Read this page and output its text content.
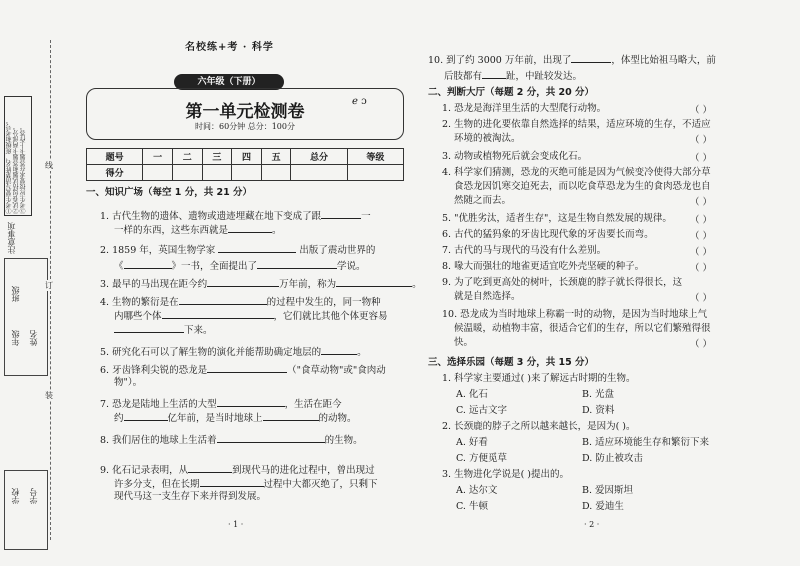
①考生要写清楚姓名、班级和考号。 ②试卷包括试题和答题卡两部分。 ③考生应按要求在答题卡上作答。
注意事项
年级
班级
姓名
学校 学号
线
订
装
名校练+考 · 科学
六年级（下册）
第一单元检测卷
时间：60分钟 总分：100分
ℯ ɔ
题号	一	二	三	四	五	总分	等级
得分							
一、知识广场（每空 1 分，共 21 分）
1. 古代生物的遗体、遗物或遗迹埋藏在地下变成了跟	一
一样的东西，这些东西就是	。
2. 1859 年，英国生物学家	出版了震动世界的
《	》一书，全面提出了	学说。
3. 最早的马出现在距今约	万年前，称为	。
4. 生物的繁衍是在	的过程中发生的，同一物种
内哪些个体	，它们就比其他个体更容易
下来。
5. 研究化石可以了解生物的演化并能帮助确定地层的	。
6. 牙齿锋利尖锐的恐龙是	（"食草动物"或"食肉动
物"）。
7. 恐龙是陆地上生活的大型	，生活在距今
约	亿年前，是当时地球上	的动物。
8. 我们居住的地球上生活着	的生物。
9. 化石记录表明，从	到现代马的进化过程中，曾出现过
许多分支，但在长期	过程中大都灭绝了，只剩下
现代马这一支生存下来并得到发展。
· 1 ·
10. 到了约 3000 万年前，出现了	，体型比始祖马略大，前
后肢都有	趾，中趾较发达。
二、判断大厅（每题 2 分，共 20 分）
1. 恐龙是海洋里生活的大型爬行动物。	（ ）
2. 生物的进化要依靠自然选择的结果，适应环境的生存，不适应
环境的被淘汰。	（ ）
3. 动物或植物死后就会变成化石。	（ ）
4. 科学家们猜测，恐龙的灭绝可能是因为气候变冷使得大部分草
食恐龙因饥寒交迫死去，而以吃食草恐龙为生的食肉恐龙也自
然随之而去。	（ ）
5. "优胜劣汰，适者生存"，这是生物自然发展的规律。 （ ）
6. 古代的猛犸象的牙齿比现代象的牙齿要长而弯。	（ ）
7. 古代的马与现代的马没有什么差别。	（ ）
8. 喙大而强壮的地雀更适宜吃外壳坚硬的种子。	（ ）
9. 为了吃到更高处的树叶，长颈鹿的脖子就长得很长，这
就是自然选择。	（ ）
10. 恐龙成为当时地球上称霸一时的动物，是因为当时地球上气
候温暖，动植物丰富，很适合它们的生存，所以它们繁殖得很
快。	（ ）
三、选择乐园（每题 3 分，共 15 分）
1. 科学家主要通过( )来了解远古时期的生物。
A. 化石	B. 光盘
C. 远古文字	D. 资料
2. 长颈鹿的脖子之所以越来越长，是因为( )。
A. 好看	B. 适应环境能生存和繁衍下来
C. 方便觅草	D. 防止被攻击
3. 生物进化学说是( )提出的。
A. 达尔文	B. 爱因斯坦
C. 牛顿	D. 爱迪生
· 2 ·
